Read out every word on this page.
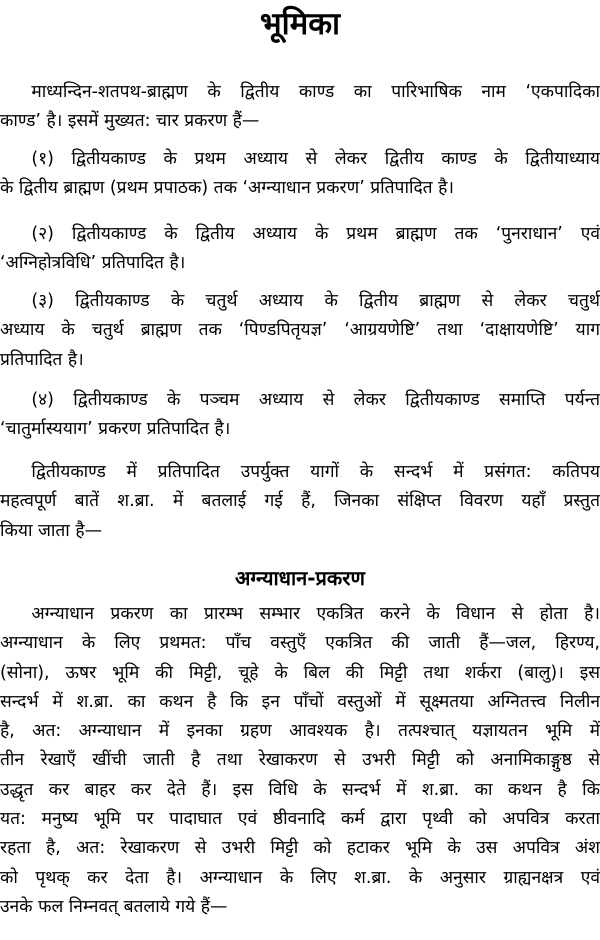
भूमिका
माध्यन्दिन-शतपथ-ब्राह्मण के द्वितीय काण्ड का पारिभाषिक नाम ‘एकपादिका
काण्ड’ है। इसमें मुख्यत: चार प्रकरण हैं—
(१) द्वितीयकाण्ड के प्रथम अध्याय से लेकर द्वितीय काण्ड के द्वितीयाध्याय
के द्वितीय ब्राह्मण (प्रथम प्रपाठक) तक ‘अग्न्याधान प्रकरण’ प्रतिपादित है।
(२) द्वितीयकाण्ड के द्वितीय अध्याय के प्रथम ब्राह्मण तक ‘पुनराधान’ एवं
‘अग्निहोत्रविधि’ प्रतिपादित है।
(३) द्वितीयकाण्ड के चतुर्थ अध्याय के द्वितीय ब्राह्मण से लेकर चतुर्थ
अध्याय के चतुर्थ ब्राह्मण तक ‘पिण्डपितृयज्ञ’ ‘आग्रयणेष्टि’ तथा ‘दाक्षायणेष्टि’ याग
प्रतिपादित है।
(४) द्वितीयकाण्ड के पञ्चम अध्याय से लेकर द्वितीयकाण्ड समाप्ति पर्यन्त
‘चातुर्मास्ययाग’ प्रकरण प्रतिपादित है।
द्वितीयकाण्ड में प्रतिपादित उपर्युक्त यागों के सन्दर्भ में प्रसंगत: कतिपय
महत्वपूर्ण बातें श.ब्रा. में बतलाई गई हैं, जिनका संक्षिप्त विवरण यहाँ प्रस्तुत
किया जाता है—
अग्न्याधान-प्रकरण
अग्न्याधान प्रकरण का प्रारम्भ सम्भार एकत्रित करने के विधान से होता है।
अग्न्याधान के लिए प्रथमत: पाँच वस्तुएँ एकत्रित की जाती हैं—जल, हिरण्य,
(सोना), ऊषर भूमि की मिट्टी, चूहे के बिल की मिट्टी तथा शर्करा (बालु)। इस
सन्दर्भ में श.ब्रा. का कथन है कि इन पाँचों वस्तुओं में सूक्ष्मतया अग्नितत्त्व निलीन
है, अत: अग्न्याधान में इनका ग्रहण आवश्यक है। तत्पश्चात् यज्ञायतन भूमि में
तीन रेखाएँ खींची जाती है तथा रेखाकरण से उभरी मिट्टी को अनामिकाङ्गुष्ठ से
उद्धृत कर बाहर कर देते हैं। इस विधि के सन्दर्भ में श.ब्रा. का कथन है कि
यत: मनुष्य भूमि पर पादाघात एवं ष्ठीवनादि कर्म द्वारा पृथ्वी को अपवित्र करता
रहता है, अत: रेखाकरण से उभरी मिट्टी को हटाकर भूमि के उस अपवित्र अंश
को पृथक् कर देता है। अग्न्याधान के लिए श.ब्रा. के अनुसार ग्राह्यनक्षत्र एवं
उनके फल निम्नवत् बतलाये गये हैं—
